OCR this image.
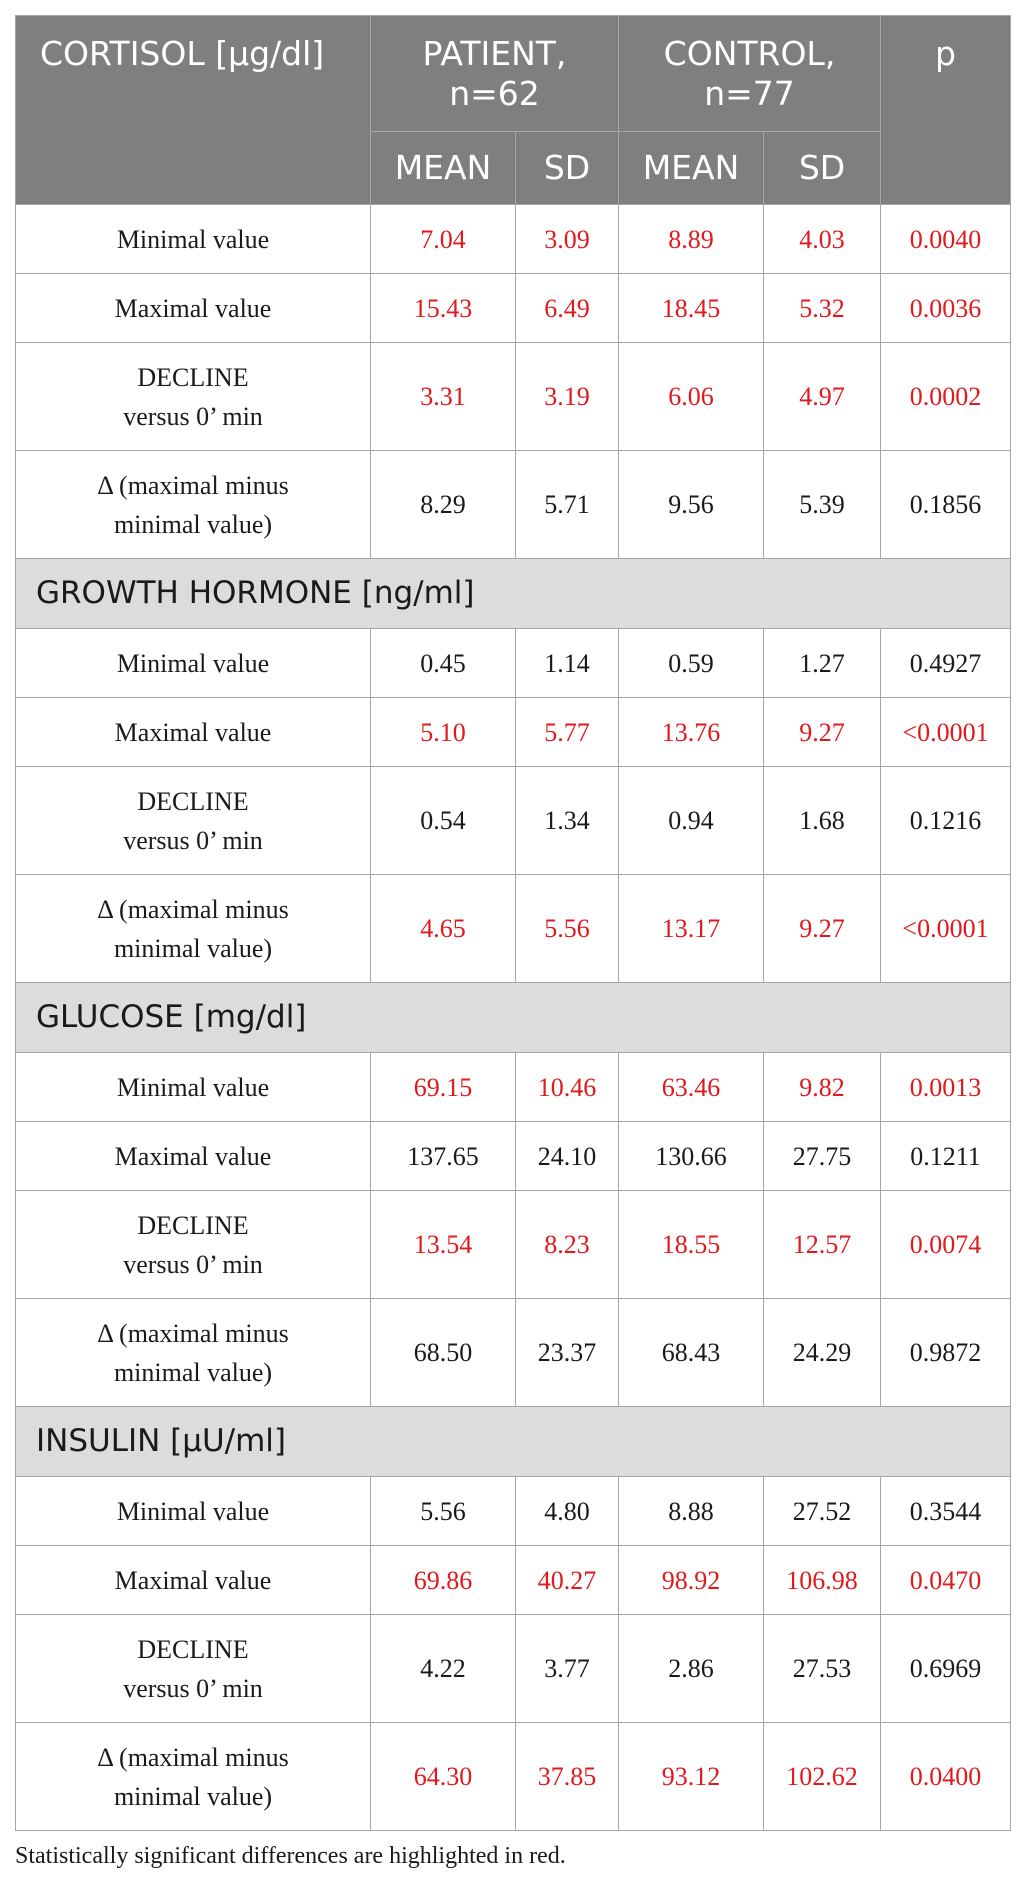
CORTISOL [µg/dl]	PATIENT, n=62		CONTROL, n=77		p
	MEAN	SD	MEAN	SD	
Minimal value	7.04	3.09	8.89	4.03	0.0040
Maximal value	15.43	6.49	18.45	5.32	0.0036
DECLINE
versus 0’ min	3.31	3.19	6.06	4.97	0.0002
Δ (maximal minus
minimal value)	8.29	5.71	9.56	5.39	0.1856
GROWTH HORMONE [ng/ml]					
Minimal value	0.45	1.14	0.59	1.27	0.4927
Maximal value	5.10	5.77	13.76	9.27	<0.0001
DECLINE
versus 0’ min	0.54	1.34	0.94	1.68	0.1216
Δ (maximal minus
minimal value)	4.65	5.56	13.17	9.27	<0.0001
GLUCOSE [mg/dl]					
Minimal value	69.15	10.46	63.46	9.82	0.0013
Maximal value	137.65	24.10	130.66	27.75	0.1211
DECLINE
versus 0’ min	13.54	8.23	18.55	12.57	0.0074
Δ (maximal minus
minimal value)	68.50	23.37	68.43	24.29	0.9872
INSULIN [µU/ml]					
Minimal value	5.56	4.80	8.88	27.52	0.3544
Maximal value	69.86	40.27	98.92	106.98	0.0470
DECLINE
versus 0’ min	4.22	3.77	2.86	27.53	0.6969
Δ (maximal minus
minimal value)	64.30	37.85	93.12	102.62	0.0400
Statistically significant differences are highlighted in red.
